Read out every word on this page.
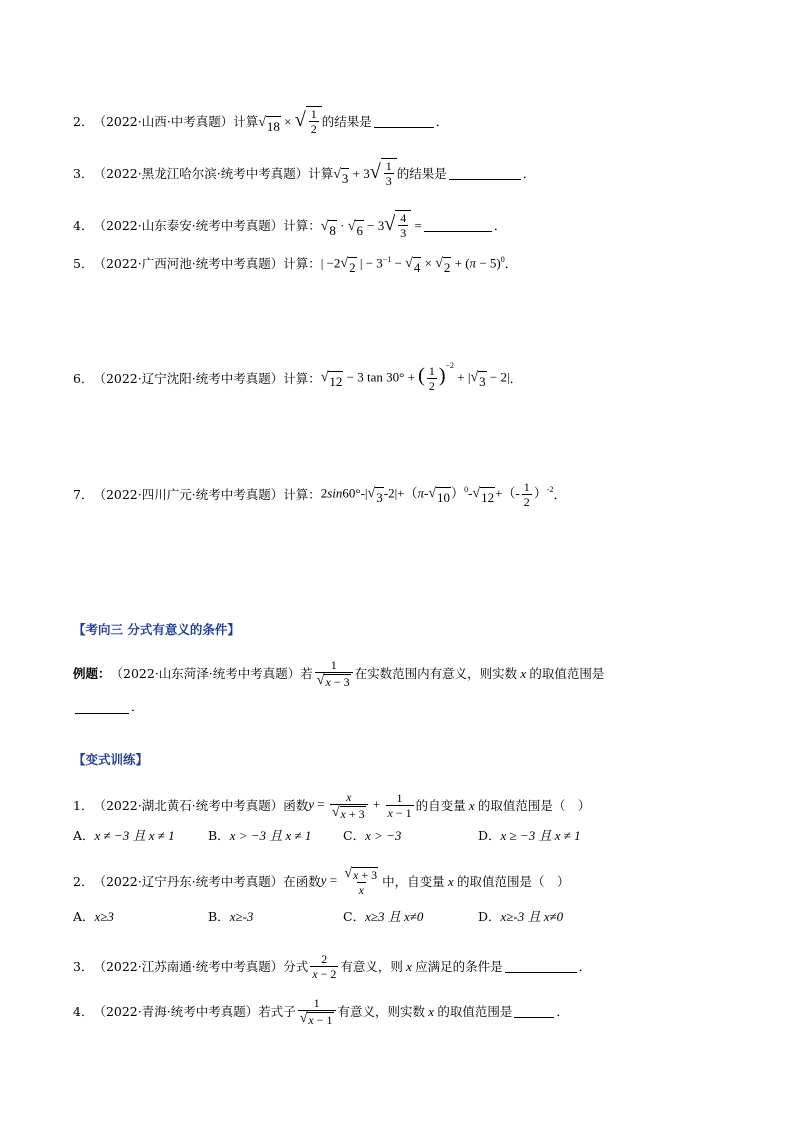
2． （2022·山西·中考真题） 计算 √ 18 × √ $\frac{1}{2}$ 的结果是	．
3． （2022·黑龙江哈尔滨·统考中考真题） 计算 √ 3 + 3 √ $\frac{1}{3}$ 的结果是	．
4． （2022·山东泰安·统考中考真题） 计算： √ 8 · √ 6 − 3 √ $\frac{4}{3}$ =	．
5． （2022·广西河池·统考中考真题） 计算： | −2 √ 2 | − $3^{-1}$ − √ 4 × √ $2 + (\pi - 5)^0$ ．
6． （2022·辽宁沈阳·统考中考真题） 计算： √ 12 − 3 tan 30° + ( $\frac{1}{2} )^{-2}$ + | √ 3 − 2| ．
7． （2022·四川广元·统考中考真题） 计算： 2sin60°-| √ 3 -2|+（π- √ 10 ）$^0$- √ 12 +（- $\frac{1}{2} )^{-2}$ ．
【考向三 分式有意义的条件】
例题： （2022·山东菏泽·统考中考真题） 若 $\frac{1}{√ x - 3}$ 在实数范围内有意义，则实数 x 的取值范围是
．
【变式训练】
1． （2022·湖北黄石·统考中考真题） 函数 $y = \frac{x}{√ x + 3} + \frac{1}{x - 1}$ 的自变量 x 的取值范围是（　）
A．x ≠ −3 且 x ≠ 1	B．x > −3 且 x ≠ 1	C．x > −3	D．x ≥ −3 且 x ≠ 1
2． （2022·辽宁丹东·统考中考真题） 在函数 $y = \frac{√ x + 3}{x}$ 中，自变量 x 的取值范围是（　）
A．x≥3	B．x≥-3	C．x≥3 且 x≠0	D．x≥-3 且 x≠0
3． （2022·江苏南通·统考中考真题） 分式 $\frac{2}{x - 2}$ 有意义，则 x 应满足的条件是	．
4． （2022·青海·统考中考真题） 若式子 $\frac{1}{√ x - 1}$ 有意义，则实数 x 的取值范围是	．
